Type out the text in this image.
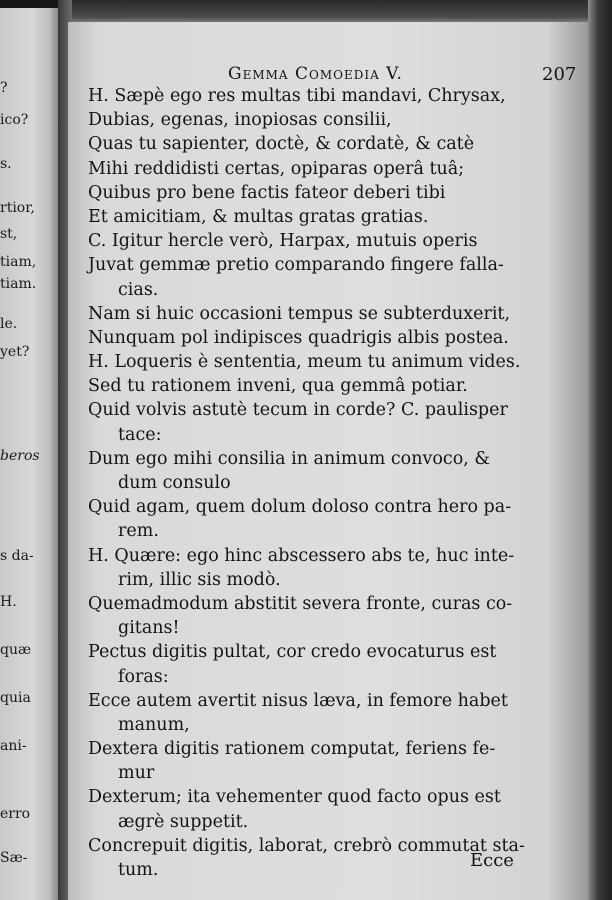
?
ico?
s.
rtior,
st,
tiam,
tiam.
le.
yet?
beros
s da-
H.
quæ
quia
ani-
erro
Sæ-
Gemma Comoedia V.	207
H. Sæpè ego res multas tibi mandavi, Chrysax,
Dubias, egenas, inopiosas consilii,
Quas tu sapienter, doctè, & cordatè, & catè
Mihi reddidisti certas, opiparas operâ tuâ;
Quibus pro bene factis fateor deberi tibi
Et amicitiam, & multas gratas gratias.
C. Igitur hercle verò, Harpax, mutuis operis
Juvat gemmæ pretio comparando fingere falla-
cias.
Nam si huic occasioni tempus se subterduxerit,
Nunquam pol indipisces quadrigis albis postea.
H. Loqueris è sententia, meum tu animum vides.
Sed tu rationem inveni, qua gemmâ potiar.
Quid volvis astutè tecum in corde? C. paulisper
tace:
Dum ego mihi consilia in animum convoco, &
dum consulo
Quid agam, quem dolum doloso contra hero pa-
rem.
H. Quære: ego hinc abscessero abs te, huc inte-
rim, illic sis modò.
Quemadmodum abstitit severa fronte, curas co-
gitans!
Pectus digitis pultat, cor credo evocaturus est
foras:
Ecce autem avertit nisus læva, in femore habet
manum,
Dextera digitis rationem computat, feriens fe-
mur
Dexterum; ita vehementer quod facto opus est
ægrè suppetit.
Concrepuit digitis, laborat, crebrò commutat sta-
tum.	Ecce
